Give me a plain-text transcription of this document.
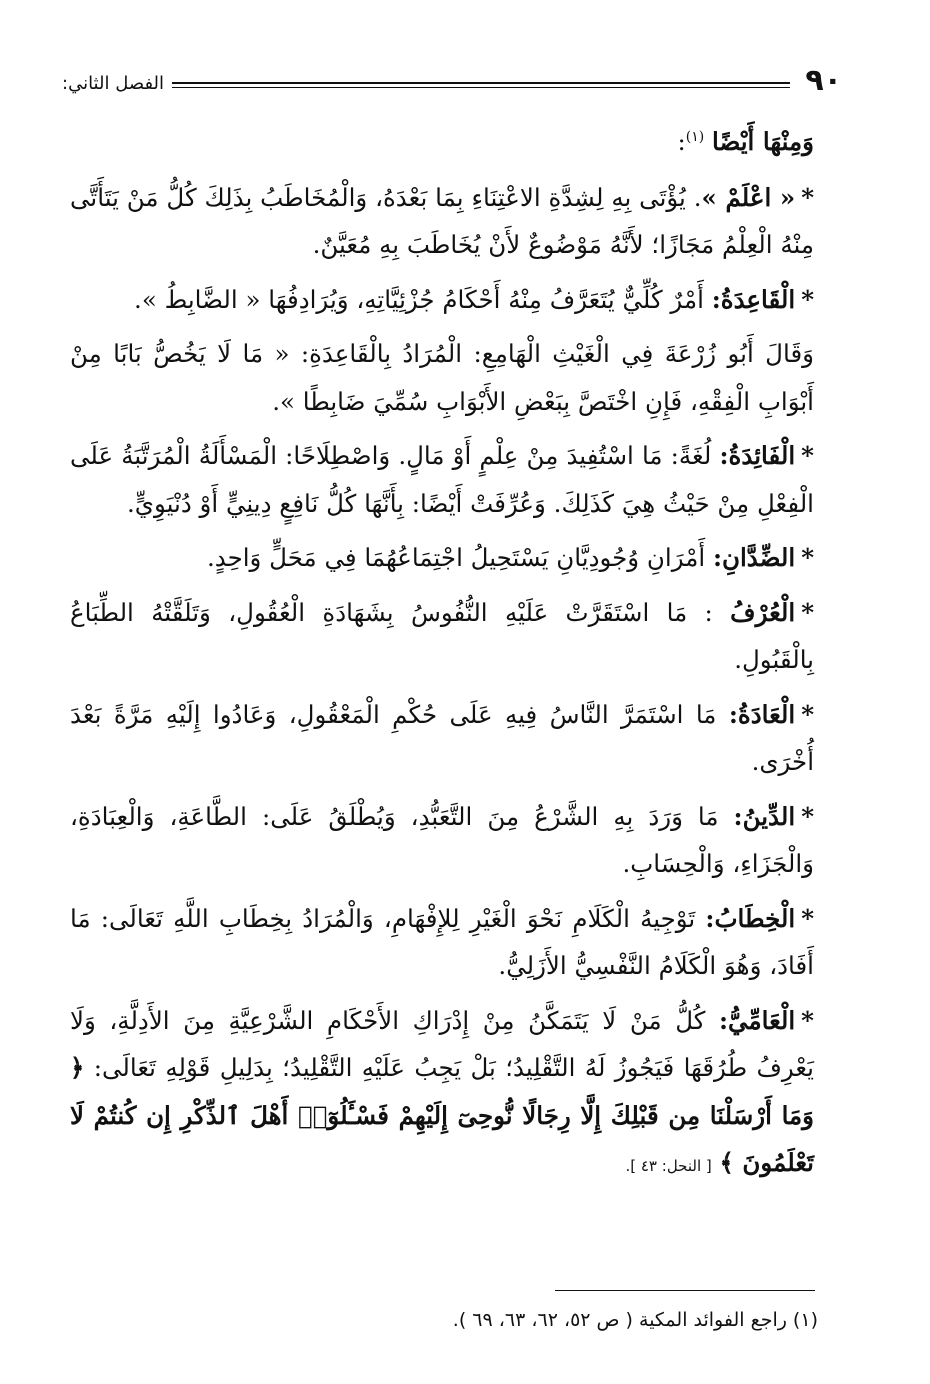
٩٠
الفصل الثاني:

وَمِنْهَا أَيْضًا $^{(١)}$:

*« اعْلَمْ ». يُؤْتَى بِهِ لِشِدَّةِ الاعْتِنَاءِ بِمَا بَعْدَهُ، وَالْمُخَاطَبُ بِذَلِكَ كُلُّ مَنْ يَتَأَتَّى مِنْهُ الْعِلْمُ مَجَازًا؛ لأَنَّهُ مَوْضُوعٌ لأَنْ يُخَاطَبَ بِهِ مُعَيَّنٌ.

*الْقَاعِدَةُ: أَمْرٌ كُلِّيٌّ يُتَعَرَّفُ مِنْهُ أَحْكَامُ جُزْئِيَّاتِهِ، وَيُرَادِفُهَا « الضَّابِطُ ».

وَقَالَ أَبُو زُرْعَةَ فِي الْغَيْثِ الْهَامِعِ: الْمُرَادُ بِالْقَاعِدَةِ: « مَا لَا يَخُصُّ بَابًا مِنْ أَبْوَابِ الْفِقْهِ، فَإِنِ اخْتَصَّ بِبَعْضِ الأَبْوَابِ سُمِّيَ ضَابِطًا ».

*الْفَائِدَةُ: لُغَةً: مَا اسْتُفِيدَ مِنْ عِلْمٍ أَوْ مَالٍ. وَاصْطِلَاحًا: الْمَسْأَلَةُ الْمُرَتَّبَةُ عَلَى الْفِعْلِ مِنْ حَيْثُ هِيَ كَذَلِكَ. وَعُرِّفَتْ أَيْضًا: بِأَنَّهَا كُلُّ نَافِعٍ دِينِيٍّ أَوْ دُنْيَوِيٍّ.

*الضِّدَّانِ: أَمْرَانِ وُجُودِيَّانِ يَسْتَحِيلُ اجْتِمَاعُهُمَا فِي مَحَلٍّ وَاحِدٍ.

*الْعُرْفُ : مَا اسْتَقَرَّتْ عَلَيْهِ النُّفُوسُ بِشَهَادَةِ الْعُقُولِ، وَتَلَقَّتْهُ الطِّبَاعُ بِالْقَبُولِ.

*الْعَادَةُ: مَا اسْتَمَرَّ النَّاسُ فِيهِ عَلَى حُكْمِ الْمَعْقُولِ، وَعَادُوا إِلَيْهِ مَرَّةً بَعْدَ أُخْرَى.

*الدِّينُ: مَا وَرَدَ بِهِ الشَّرْعُ مِنَ التَّعَبُّدِ، وَيُطْلَقُ عَلَى: الطَّاعَةِ، وَالْعِبَادَةِ، وَالْجَزَاءِ، وَالْحِسَابِ.

*الْخِطَابُ: تَوْجِيهُ الْكَلَامِ نَحْوَ الْغَيْرِ لِلإِفْهَامِ، وَالْمُرَادُ بِخِطَابِ اللَّهِ تَعَالَى: مَا أَفَادَ، وَهُوَ الْكَلَامُ النَّفْسِيُّ الأَزَلِيُّ.

*الْعَامِّيُّ: كُلُّ مَنْ لَا يَتَمَكَّنُ مِنْ إِدْرَاكِ الأَحْكَامِ الشَّرْعِيَّةِ مِنَ الأَدِلَّةِ، وَلَا يَعْرِفُ طُرُقَهَا فَيَجُوزُ لَهُ التَّقْلِيدُ؛ بَلْ يَجِبُ عَلَيْهِ التَّقْلِيدُ؛ بِدَلِيلِ قَوْلِهِ تَعَالَى: ﴿ وَمَا أَرْسَلْنَا مِن قَبْلِكَ إِلَّا رِجَالًا نُّوحِىٓ إِلَيْهِمْ فَسْـَٔلُوٓا۟ أَهْلَ ٱلذِّكْرِ إِن كُنتُمْ لَا تَعْلَمُونَ ﴾ [ النحل: ٤٣ ].

(١) راجع الفوائد المكية ( ص ٥٢، ٦٢، ٦٣، ٦٩ ).
